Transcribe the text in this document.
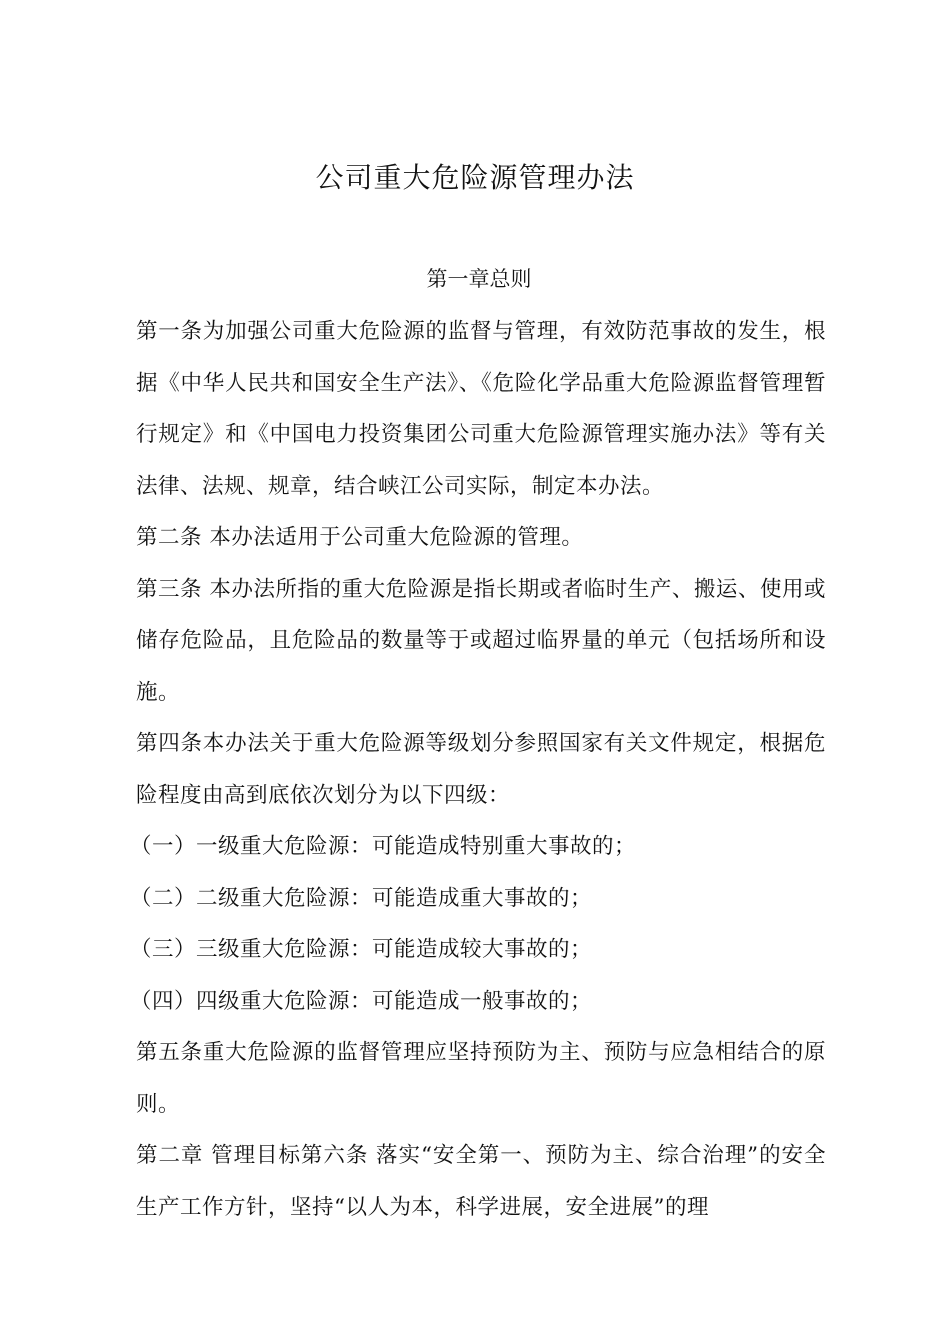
公司重大危险源管理办法
第一章总则

第一条为加强公司重大危险源的监督与管理，有效防范事故的发生，根据《中华人民共和国安全生产法》、《危险化学品重大危险源监督管理暂行规定》和《中国电力投资集团公司重大危险源管理实施办法》等有关法律、法规、规章，结合峡江公司实际，制定本办法。

第二条 本办法适用于公司重大危险源的管理。

第三条 本办法所指的重大危险源是指长期或者临时生产、搬运、使用或储存危险品，且危险品的数量等于或超过临界量的单元（包括场所和设施。

第四条本办法关于重大危险源等级划分参照国家有关文件规定，根据危险程度由高到底依次划分为以下四级：

（一）一级重大危险源：可能造成特别重大事故的；

（二）二级重大危险源：可能造成重大事故的；

（三）三级重大危险源：可能造成较大事故的；

（四）四级重大危险源：可能造成一般事故的；

第五条重大危险源的监督管理应坚持预防为主、预防与应急相结合的原则。

第二章 管理目标第六条 落实“安全第一、预防为主、综合治理”的安全生产工作方针，坚持“以人为本，科学进展，安全进展”的理
